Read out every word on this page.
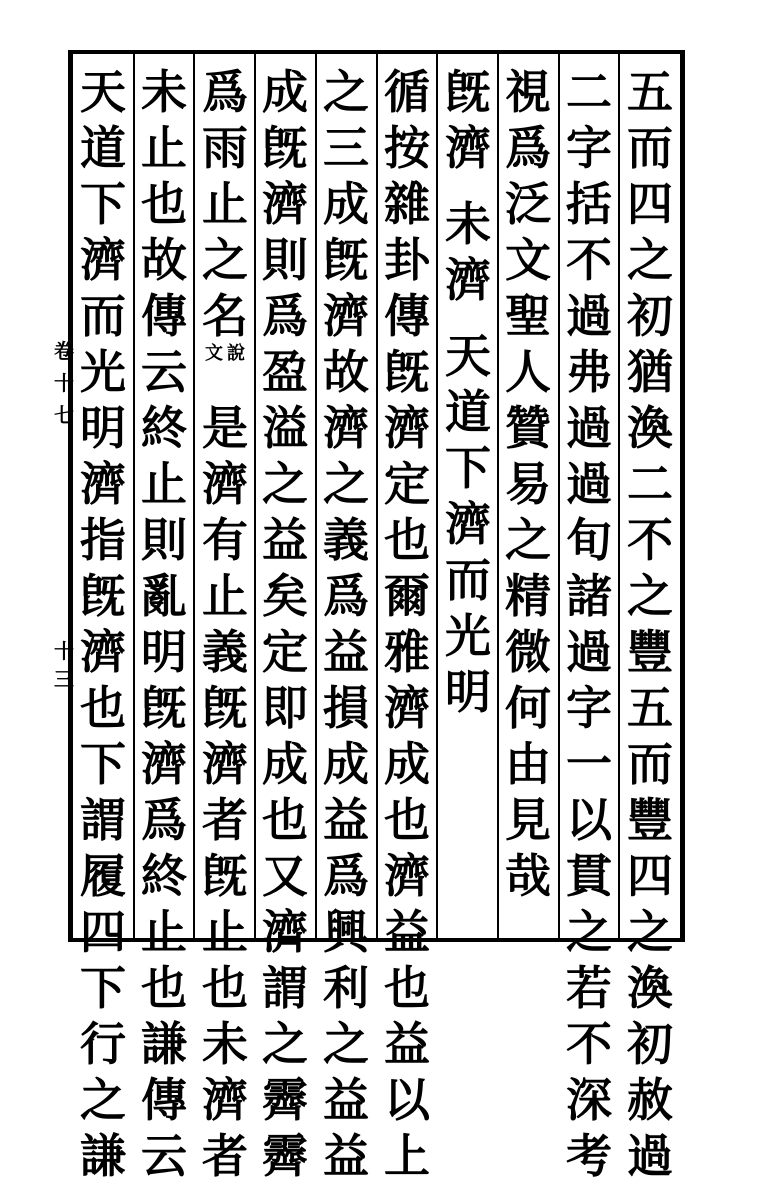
五
而
四
之
初
猶
渙
二
不
之
豐
五
而
豐
四
之
渙
初
赦
過
二
字
括
不
過
弗
過
過
旬
諸
過
字
一
以
貫
之
若
不
深
考
視
爲
泛
文
聖
人
贊
易
之
精
微
何
由
見
哉
旣
濟
未
濟
天
道
下
濟
而
光
明
循
按
雜
卦
傳
旣
濟
定
也
爾
雅
濟
成
也
濟
益
也
益
以
上
之
三
成
旣
濟
故
濟
之
義
爲
益
損
成
益
爲
興
利
之
益
益
成
旣
濟
則
爲
盈
溢
之
益
矣
定
即
成
也
又
濟
謂
之
霽
霽
爲
雨
止
之
名
說
文
是
濟
有
止
義
旣
濟
者
旣
止
也
未
濟
者
未
止
也
故
傳
云
終
止
則
亂
明
旣
濟
爲
終
止
也
謙
傳
云
天
道
下
濟
而
光
明
濟
指
旣
濟
也
下
謂
履
四
下
行
之
謙
卷
十
七
十
三
